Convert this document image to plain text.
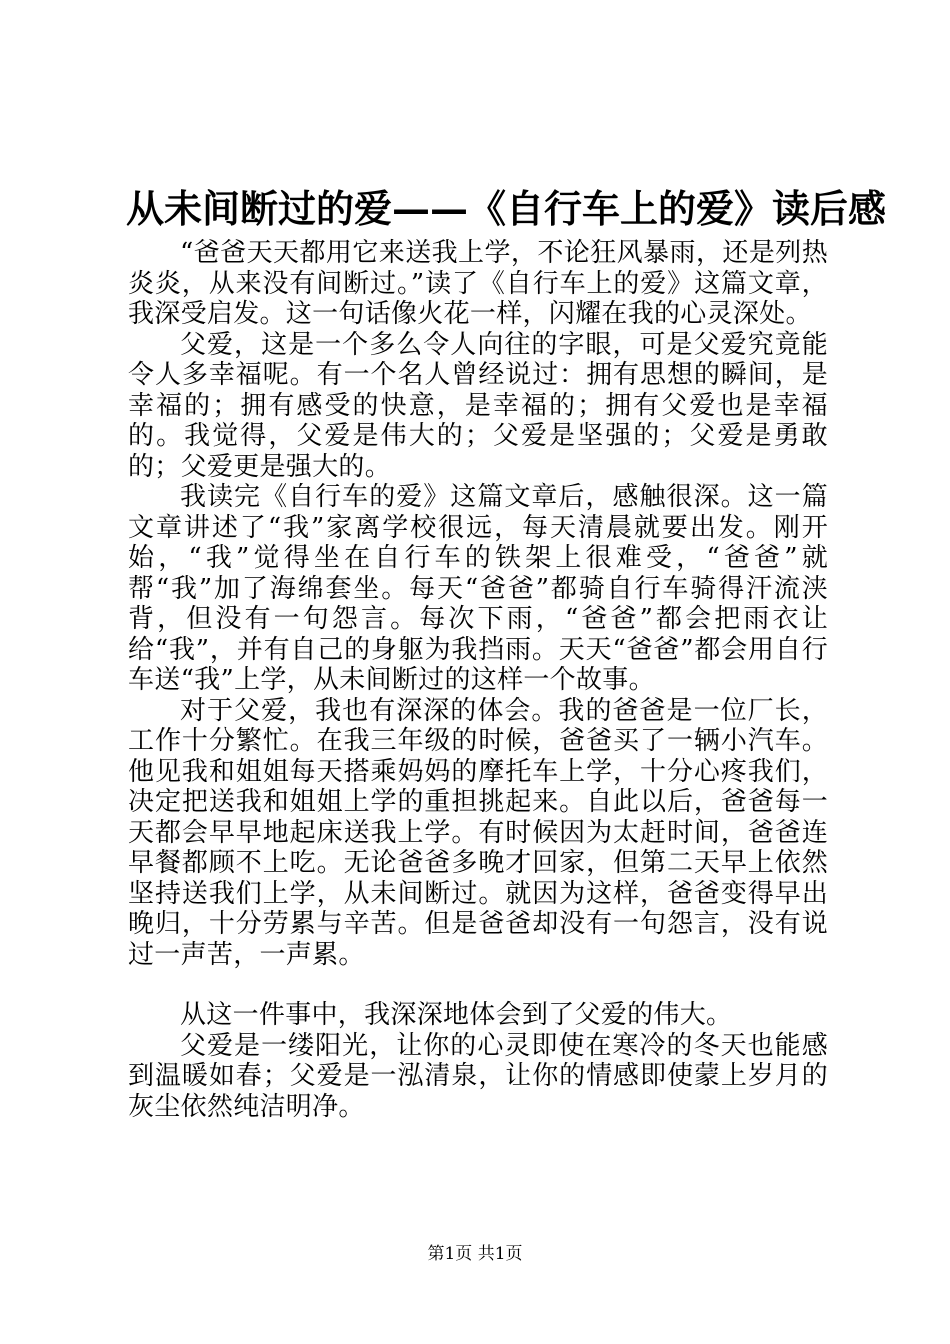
从未间断过的爱——《自行车上的爱》读后感

“爸爸天天都用它来送我上学，不论狂风暴雨，还是列热炎炎，从来没有间断过。”读了《自行车上的爱》这篇文章，我深受启发。这一句话像火花一样，闪耀在我的心灵深处。

父爱，这是一个多么令人向往的字眼，可是父爱究竟能令人多幸福呢。有一个名人曾经说过：拥有思想的瞬间，是幸福的；拥有感受的快意，是幸福的；拥有父爱也是幸福的。我觉得，父爱是伟大的；父爱是坚强的；父爱是勇敢的；父爱更是强大的。

我读完《自行车的爱》这篇文章后，感触很深。这一篇文章讲述了“我”家离学校很远，每天清晨就要出发。刚开始，“我”觉得坐在自行车的铁架上很难受，“爸爸”就帮“我”加了海绵套坐。每天“爸爸”都骑自行车骑得汗流浃背，但没有一句怨言。每次下雨，“爸爸”都会把雨衣让给“我”，并有自己的身躯为我挡雨。天天“爸爸”都会用自行车送“我”上学，从未间断过的这样一个故事。

对于父爱，我也有深深的体会。我的爸爸是一位厂长，工作十分繁忙。在我三年级的时候，爸爸买了一辆小汽车。他见我和姐姐每天搭乘妈妈的摩托车上学，十分心疼我们，决定把送我和姐姐上学的重担挑起来。自此以后，爸爸每一天都会早早地起床送我上学。有时候因为太赶时间，爸爸连早餐都顾不上吃。无论爸爸多晚才回家，但第二天早上依然坚持送我们上学，从未间断过。就因为这样，爸爸变得早出晚归，十分劳累与辛苦。但是爸爸却没有一句怨言，没有说过一声苦，一声累。

从这一件事中，我深深地体会到了父爱的伟大。

父爱是一缕阳光，让你的心灵即使在寒冷的冬天也能感到温暖如春；父爱是一泓清泉，让你的情感即使蒙上岁月的灰尘依然纯洁明净。

第1页 共1页
